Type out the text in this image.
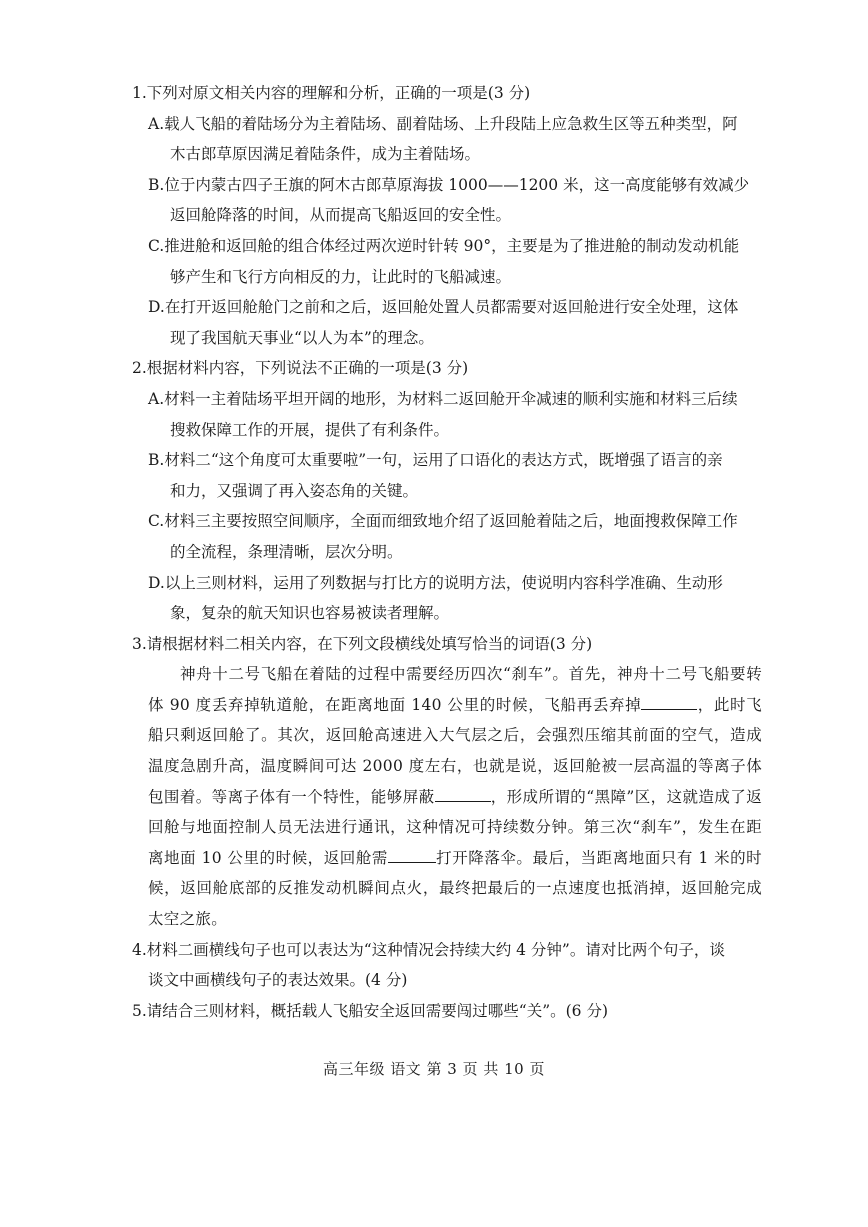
1.下列对原文相关内容的理解和分析，正确的一项是(3 分)

A.载人飞船的着陆场分为主着陆场、副着陆场、上升段陆上应急救生区等五种类型，阿
木古郎草原因满足着陆条件，成为主着陆场。
B.位于内蒙古四子王旗的阿木古郎草原海拔 1000——1200 米，这一高度能够有效减少
返回舱降落的时间，从而提高飞船返回的安全性。
C.推进舱和返回舱的组合体经过两次逆时针转 90°，主要是为了推进舱的制动发动机能
够产生和飞行方向相反的力，让此时的飞船减速。
D.在打开返回舱舱门之前和之后，返回舱处置人员都需要对返回舱进行安全处理，这体
现了我国航天事业“以人为本”的理念。

2.根据材料内容，下列说法不正确的一项是(3 分)

A.材料一主着陆场平坦开阔的地形，为材料二返回舱开伞减速的顺利实施和材料三后续
搜救保障工作的开展，提供了有利条件。
B.材料二“这个角度可太重要啦”一句，运用了口语化的表达方式，既增强了语言的亲
和力，又强调了再入姿态角的关键。
C.材料三主要按照空间顺序，全面而细致地介绍了返回舱着陆之后，地面搜救保障工作
的全流程，条理清晰，层次分明。
D.以上三则材料，运用了列数据与打比方的说明方法，使说明内容科学准确、生动形
象，复杂的航天知识也容易被读者理解。

3.请根据材料二相关内容，在下列文段横线处填写恰当的词语(3 分)

神舟十二号飞船在着陆的过程中需要经历四次“刹车”。首先，神舟十二号飞船要转体 90 度丢弃掉轨道舱，在距离地面 140 公里的时候，飞船再丢弃掉	，此时飞船只剩返回舱了。其次，返回舱高速进入大气层之后，会强烈压缩其前面的空气，造成温度急剧升高，温度瞬间可达 2000 度左右，也就是说，返回舱被一层高温的等离子体包围着。等离子体有一个特性，能够屏蔽	，形成所谓的“黑障”区，这就造成了返回舱与地面控制人员无法进行通讯，这种情况可持续数分钟。第三次“刹车”，发生在距离地面 10 公里的时候，返回舱需	打开降落伞。最后，当距离地面只有 1 米的时候，返回舱底部的反推发动机瞬间点火，最终把最后的一点速度也抵消掉，返回舱完成太空之旅。

4.材料二画横线句子也可以表达为“这种情况会持续大约 4 分钟”。请对比两个句子，谈

谈文中画横线句子的表达效果。(4 分)

5.请结合三则材料，概括载人飞船安全返回需要闯过哪些“关”。(6 分)

高三年级 语文 第 3 页 共 10 页
